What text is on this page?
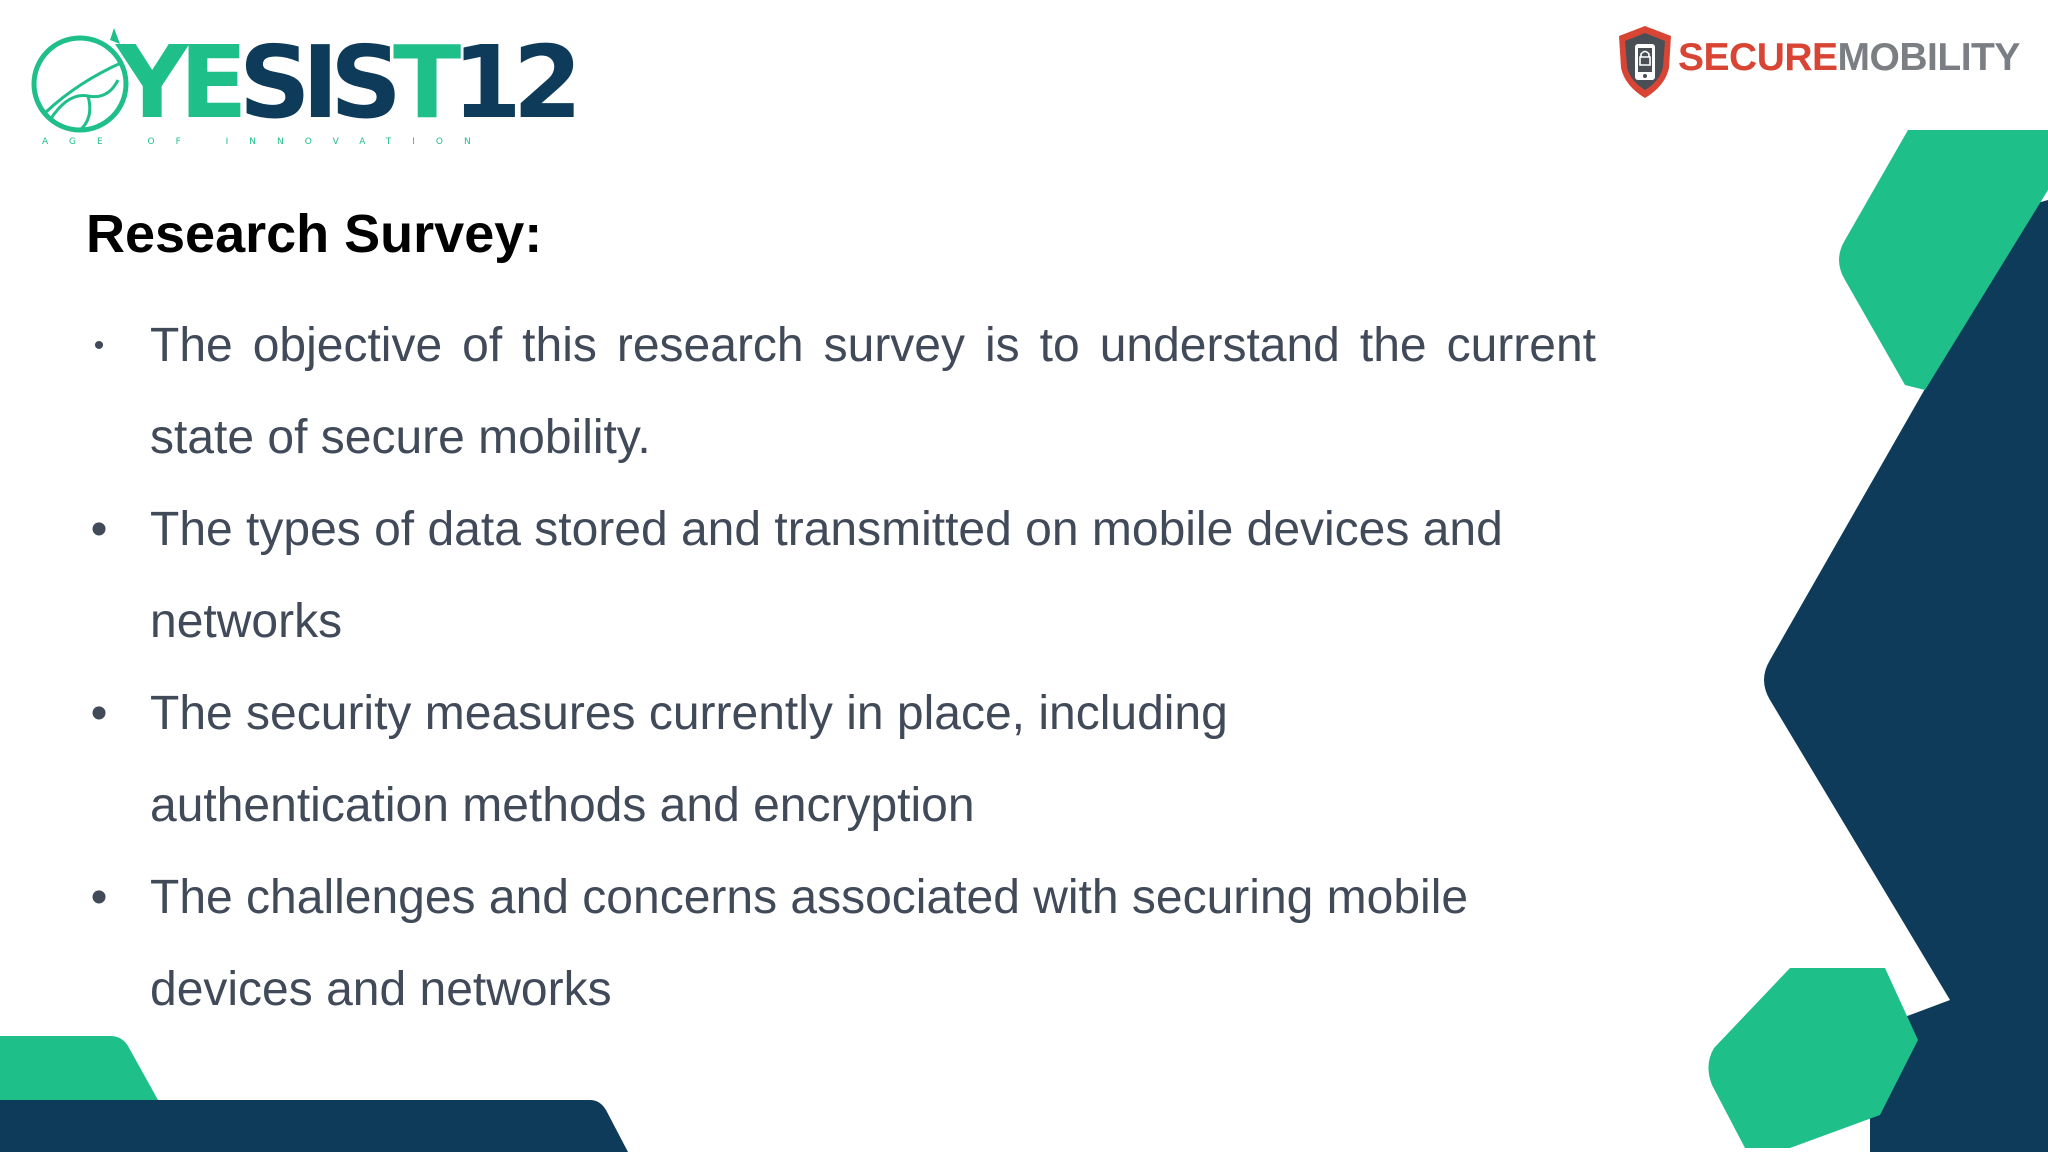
YESIST12
AGE OF INNOVATION
SECUREMOBILITY
Research Survey:
• The objective of this research survey is to understand the current state of secure mobility.
• The types of data stored and transmitted on mobile devices and networks
• The security measures currently in place, including authentication methods and encryption
• The challenges and concerns associated with securing mobile devices and networks
